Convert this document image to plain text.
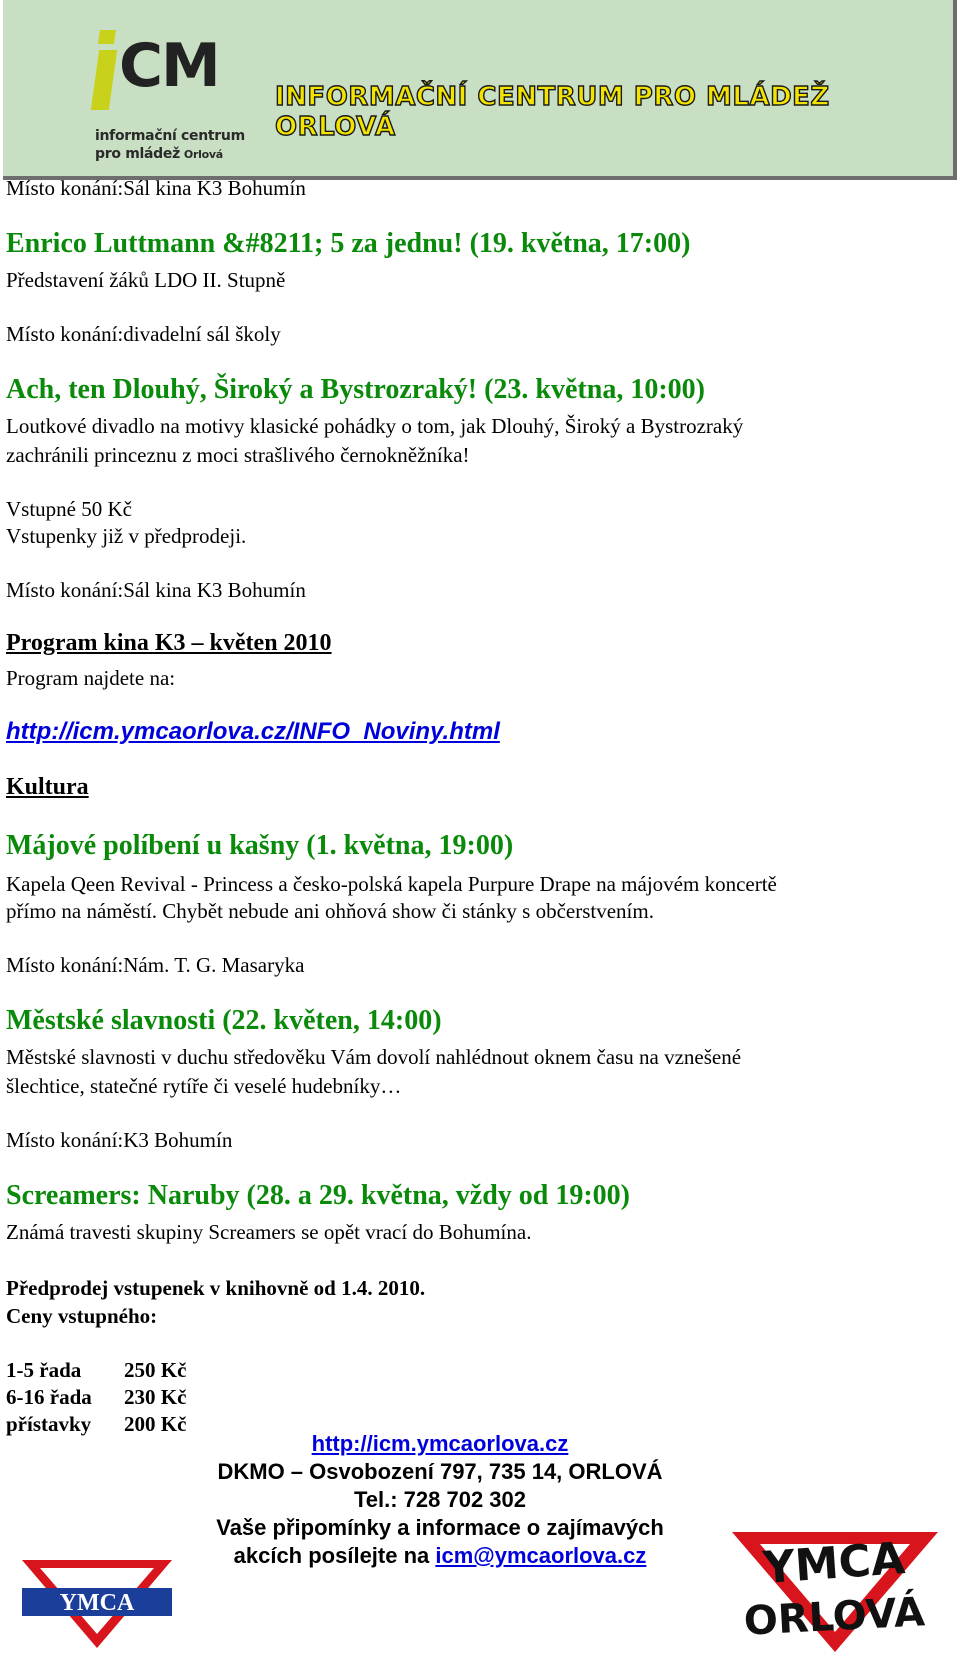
CM
informační centrum
pro mládež Orlová
INFORMAČNÍ CENTRUM PRO MLÁDEŽ ORLOVÁ
Místo konání:Sál kina K3 Bohumín
Enrico Luttmann &#8211; 5 za jednu! (19. května, 17:00)
Představení žáků LDO II. Stupně
Místo konání:divadelní sál školy
Ach, ten Dlouhý, Široký a Bystrozraký! (23. května, 10:00)
Loutkové divadlo na motivy klasické pohádky o tom, jak Dlouhý, Široký a Bystrozraký
zachránili princeznu z moci strašlivého černokněžníka!
Vstupné 50 Kč
Vstupenky již v předprodeji.
Místo konání:Sál kina K3 Bohumín
Program kina K3 – květen 2010
Program najdete na:
http://icm.ymcaorlova.cz/INFO_Noviny.html
Kultura
Májové políbení u kašny (1. května, 19:00)
Kapela Qeen Revival - Princess a česko-polská kapela Purpure Drape na májovém koncertě
přímo na náměstí. Chybět nebude ani ohňová show či stánky s občerstvením.
Místo konání:Nám. T. G. Masaryka
Městské slavnosti (22. květen, 14:00)
Městské slavnosti v duchu středověku Vám dovolí nahlédnout oknem času na vznešené
šlechtice, statečné rytíře či veselé hudebníky…
Místo konání:K3 Bohumín
Screamers: Naruby (28. a 29. května, vždy od 19:00)
Známá travesti skupiny Screamers se opět vrací do Bohumína.
Předprodej vstupenek v knihovně od 1.4. 2010.
Ceny vstupného:
1-5 řada 250 Kč
6-16 řada 230 Kč
přístavky 200 Kč
http://icm.ymcaorlova.cz
DKMO – Osvobození 797, 735 14, ORLOVÁ
Tel.: 728 702 302
Vaše připomínky a informace o zajímavých
akcích posílejte na icm@ymcaorlova.cz
YMCA
YMCA
ORLOVÁ
